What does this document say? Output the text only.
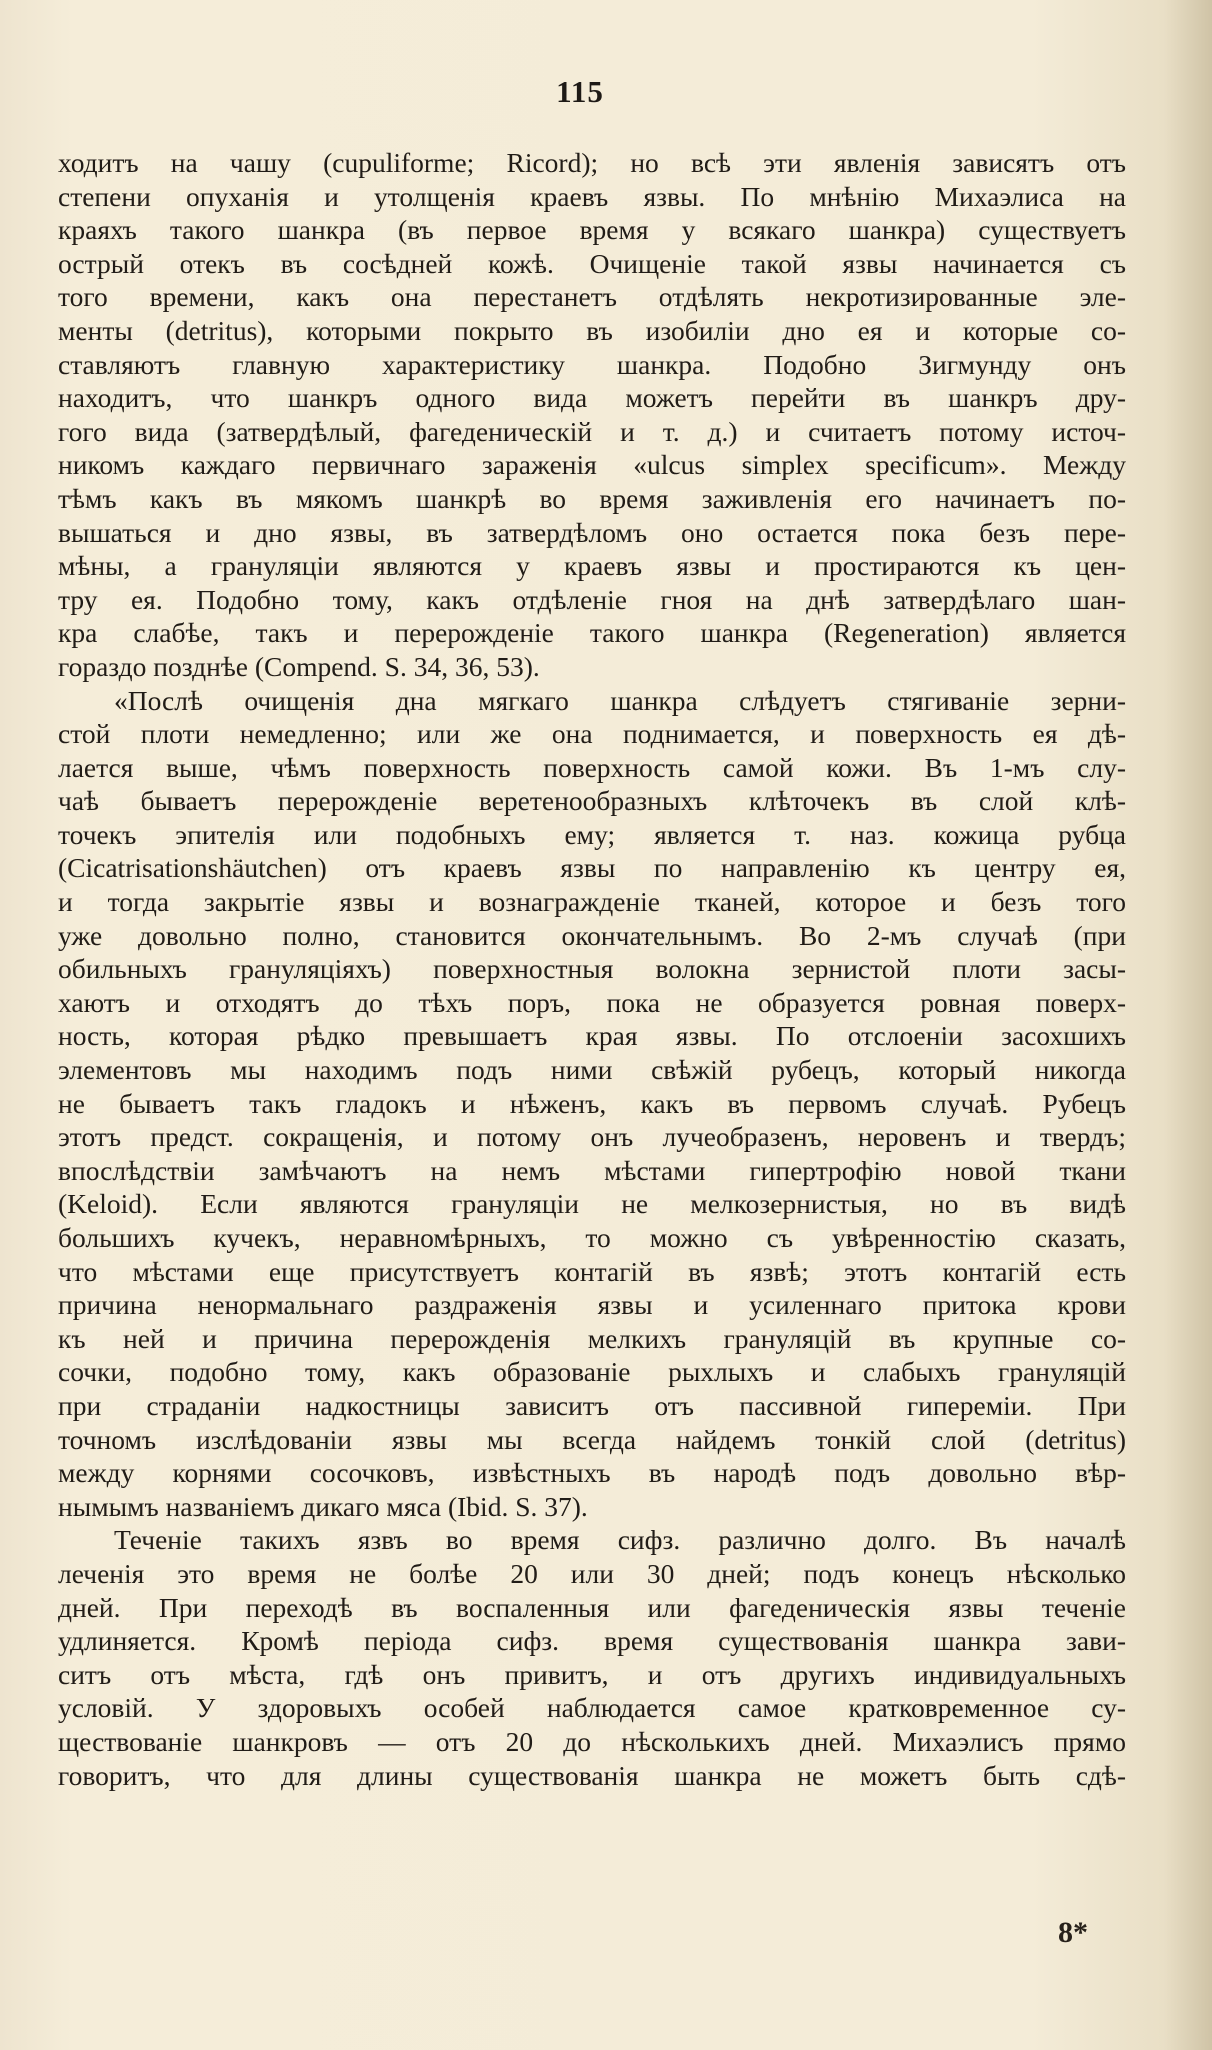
115
ходитъ на чашу (cupuliforme; Ricord); но всѣ эти явленія зависятъ отъ
степени опуханія и утолщенія краевъ язвы. По мнѣнію Михаэлиса на
краяхъ такого шанкра (въ первое время у всякаго шанкра) существуетъ
острый отекъ въ сосѣдней кожѣ. Очищеніе такой язвы начинается съ
того времени, какъ она перестанетъ отдѣлять некротизированные эле-
менты (detritus), которыми покрыто въ изобиліи дно ея и которые со-
ставляютъ главную характеристику шанкра. Подобно Зигмунду онъ
находитъ, что шанкръ одного вида можетъ перейти въ шанкръ дру-
гого вида (затвердѣлый, фагеденическій и т. д.) и считаетъ потому источ-
никомъ каждаго первичнаго зараженія «ulcus simplex specificum». Между
тѣмъ какъ въ мякомъ шанкрѣ во время заживленія его начинаетъ по-
вышаться и дно язвы, въ затвердѣломъ оно остается пока безъ пере-
мѣны, а грануляціи являются у краевъ язвы и простираются къ цен-
тру ея. Подобно тому, какъ отдѣленіе гноя на днѣ затвердѣлаго шан-
кра слабѣе, такъ и перерожденіе такого шанкра (Regeneration) является
гораздо позднѣе (Compend. S. 34, 36, 53).
«Послѣ очищенія дна мягкаго шанкра слѣдуетъ стягиваніе зерни-
стой плоти немедленно; или же она поднимается, и поверхность ея дѣ-
лается выше, чѣмъ поверхность поверхность самой кожи. Въ 1-мъ слу-
чаѣ бываетъ перерожденіе веретенообразныхъ клѣточекъ въ слой клѣ-
точекъ эпителія или подобныхъ ему; является т. наз. кожица рубца
(Cicatrisationshäutchen) отъ краевъ язвы по направленію къ центру ея,
и тогда закрытіе язвы и вознагражденіе тканей, которое и безъ того
уже довольно полно, становится окончательнымъ. Во 2-мъ случаѣ (при
обильныхъ грануляціяхъ) поверхностныя волокна зернистой плоти засы-
хаютъ и отходятъ до тѣхъ поръ, пока не образуется ровная поверх-
ность, которая рѣдко превышаетъ края язвы. По отслоеніи засохшихъ
элементовъ мы находимъ подъ ними свѣжій рубецъ, который никогда
не бываетъ такъ гладокъ и нѣженъ, какъ въ первомъ случаѣ. Рубецъ
этотъ предст. сокращенія, и потому онъ лучеобразенъ, неровенъ и твердъ;
впослѣдствіи замѣчаютъ на немъ мѣстами гипертрофію новой ткани
(Keloid). Если являются грануляціи не мелкозернистыя, но въ видѣ
большихъ кучекъ, неравномѣрныхъ, то можно съ увѣренностію сказать,
что мѣстами еще присутствуетъ контагій въ язвѣ; этотъ контагій есть
причина ненормальнаго раздраженія язвы и усиленнаго притока крови
къ ней и причина перерожденія мелкихъ грануляцій въ крупные со-
сочки, подобно тому, какъ образованіе рыхлыхъ и слабыхъ грануляцій
при страданіи надкостницы зависитъ отъ пассивной гипереміи. При
точномъ изслѣдованіи язвы мы всегда найдемъ тонкій слой (detritus)
между корнями сосочковъ, извѣстныхъ въ народѣ подъ довольно вѣр-
нымымъ названіемъ дикаго мяса (Ibid. S. 37).
Теченіе такихъ язвъ во время сифз. различно долго. Въ началѣ
леченія это время не болѣе 20 или 30 дней; подъ конецъ нѣсколько
дней. При переходѣ въ воспаленныя или фагеденическія язвы теченіе
удлиняется. Кромѣ періода сифз. время существованія шанкра зави-
ситъ отъ мѣста, гдѣ онъ привитъ, и отъ другихъ индивидуальныхъ
условій. У здоровыхъ особей наблюдается самое кратковременное су-
ществованіе шанкровъ — отъ 20 до нѣсколькихъ дней. Михаэлисъ прямо
говоритъ, что для длины существованія шанкра не можетъ быть сдѣ-
8*
